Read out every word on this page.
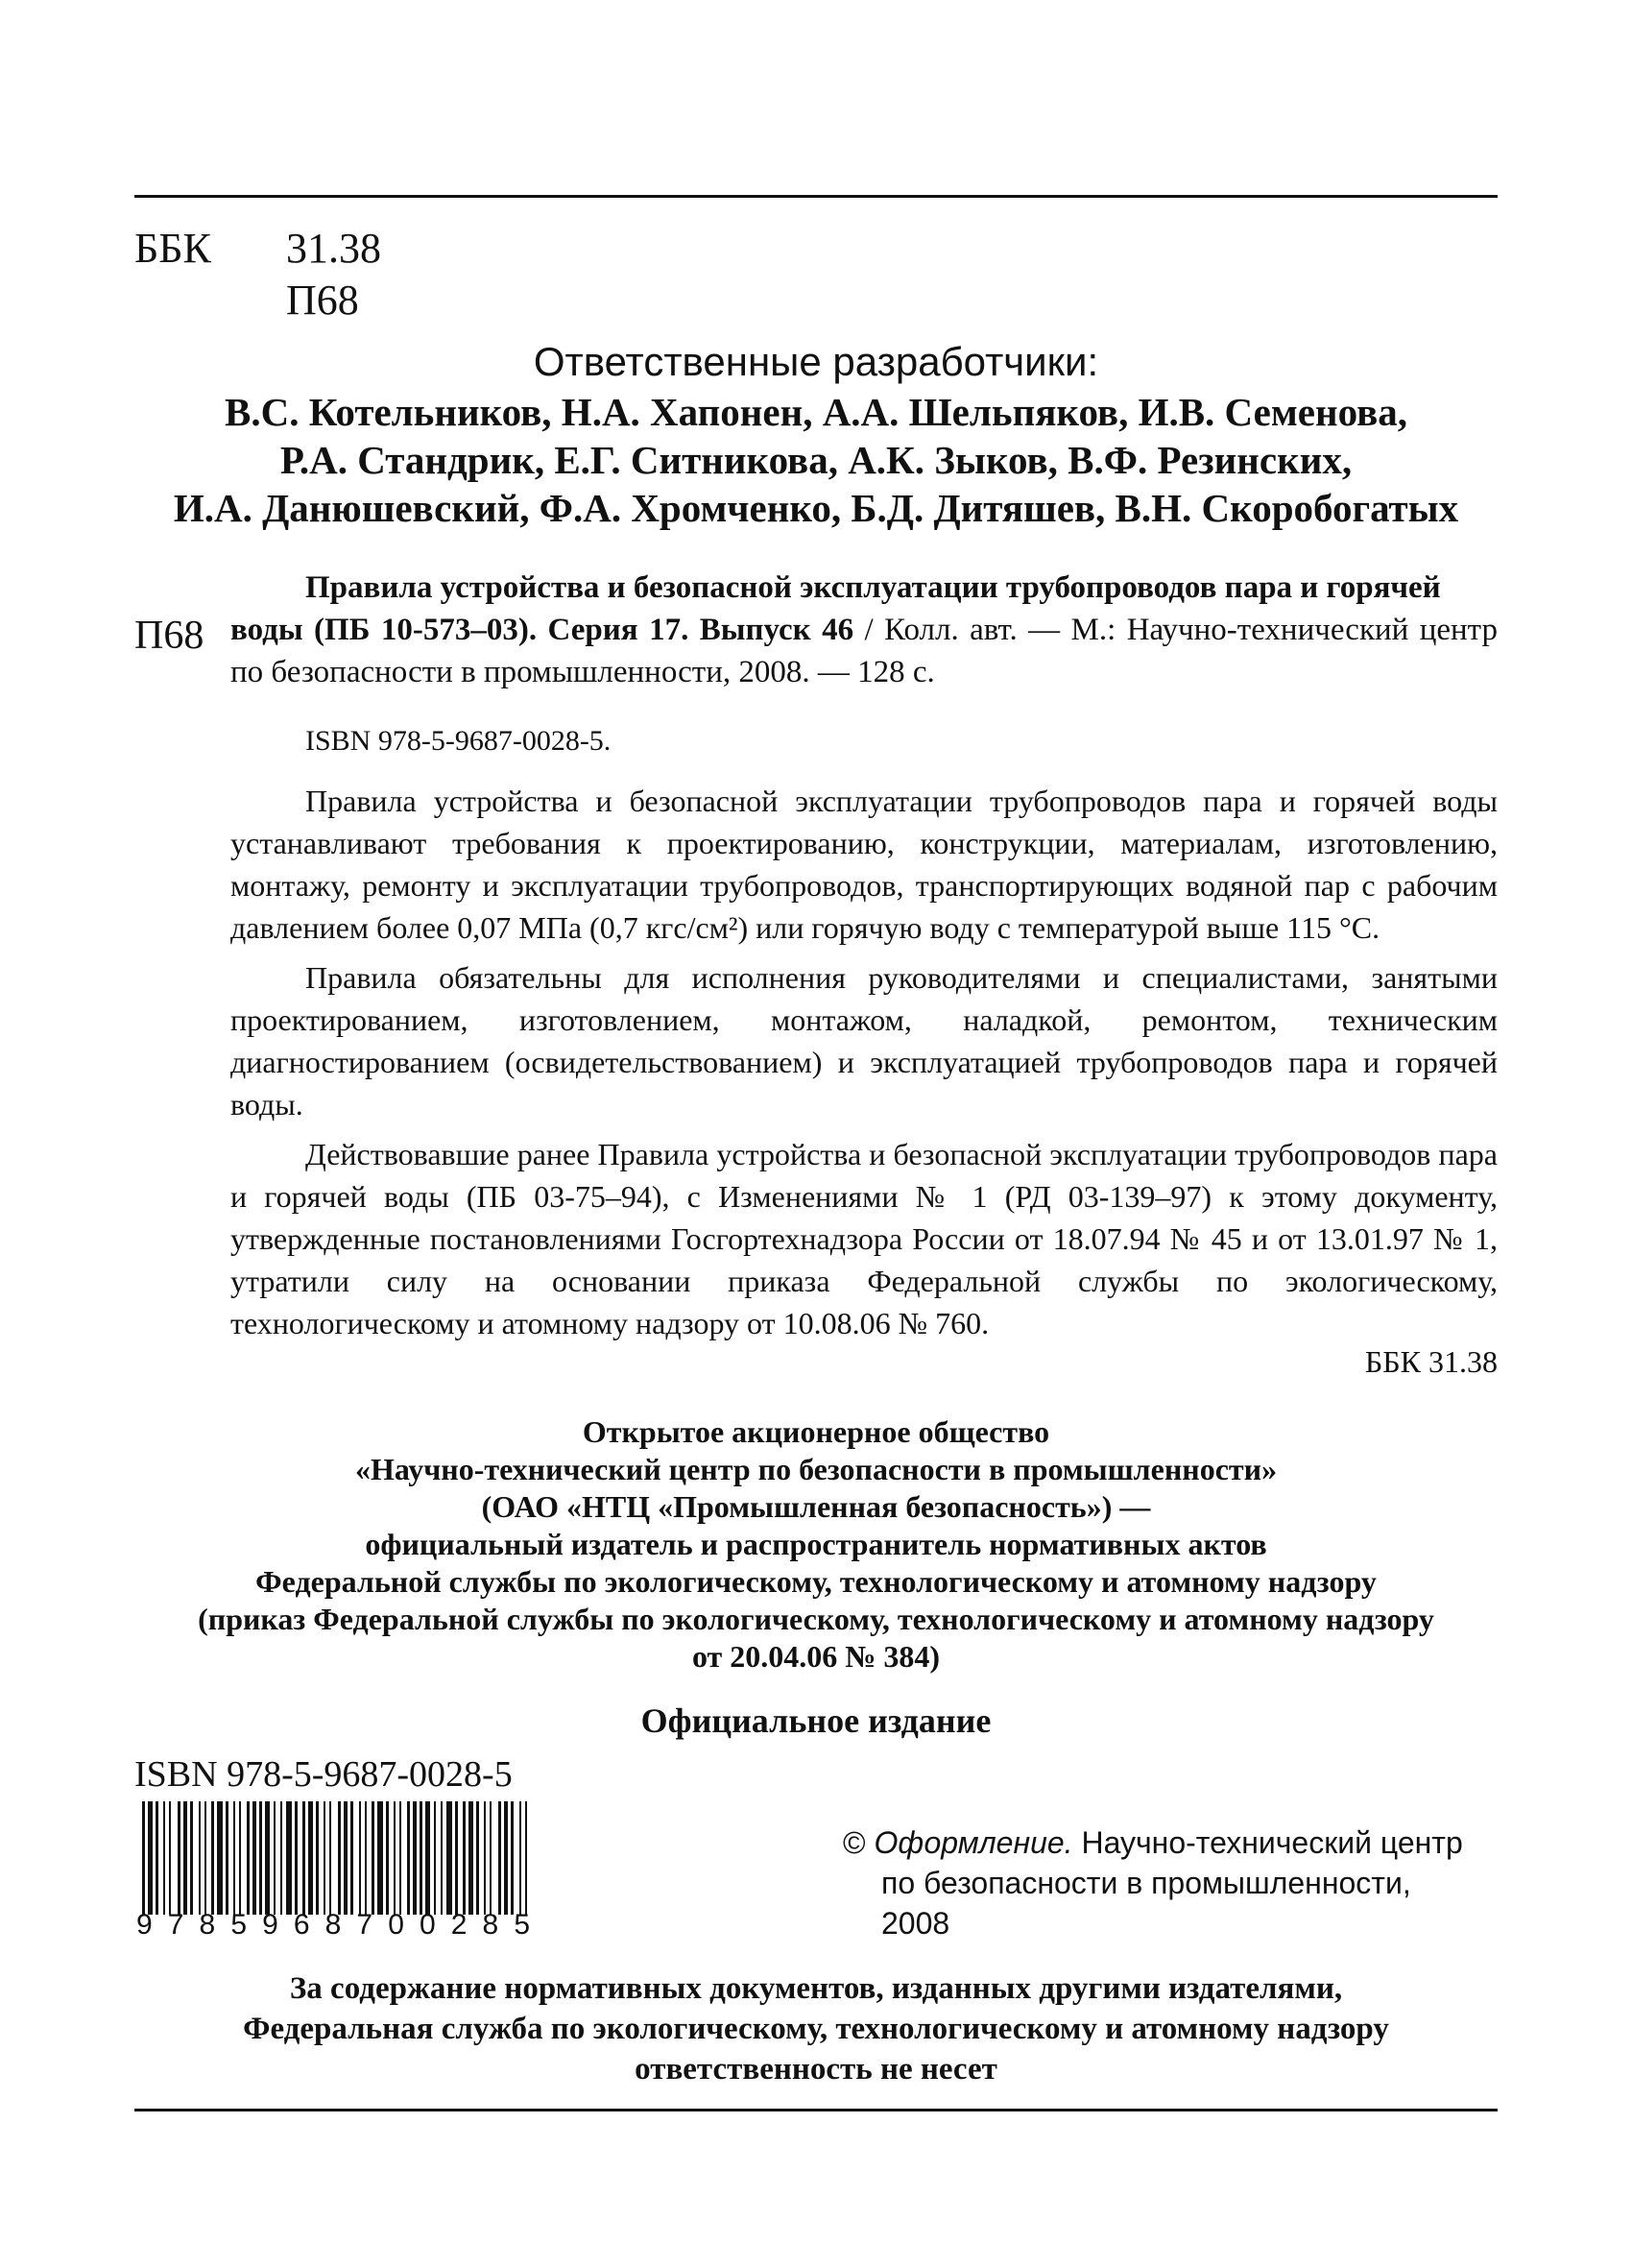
ББК	31.38
П68
Ответственные разработчики:
В.С. Котельников, Н.А. Хапонен, А.А. Шельпяков, И.В. Семенова,
Р.А. Стандрик, Е.Г. Ситникова, А.К. Зыков, В.Ф. Резинских,
И.А. Данюшевский, Ф.А. Хромченко, Б.Д. Дитяшев, В.Н. Скоробогатых
П68
Правила устройства и безопасной эксплуатации трубопроводов пара и горячей
воды (ПБ 10-573–03). Серия 17. Выпуск 46 / Колл. авт. — М.: Научно-технический центр по безопасности в промышленности, 2008. — 128 с.
ISBN 978-5-9687-0028-5.

Правила устройства и безопасной эксплуатации трубопроводов пара и горячей воды устанавливают требования к проектированию, конструкции, материалам, изготовлению, монтажу, ремонту и эксплуатации трубопроводов, транспортирующих водяной пар с рабочим давлением более 0,07 МПа (0,7 кгс/см²) или горячую воду с температурой выше 115 °С.

Правила обязательны для исполнения руководителями и специалистами, занятыми проектированием, изготовлением, монтажом, наладкой, ремонтом, техническим диагностированием (освидетельствованием) и эксплуатацией трубопроводов пара и горячей воды.

Действовавшие ранее Правила устройства и безопасной эксплуатации трубопроводов пара и горячей воды (ПБ 03-75–94), с Изменениями № 1 (РД 03-139–97) к этому документу, утвержденные постановлениями Госгортехнадзора России от 18.07.94 № 45 и от 13.01.97 № 1, утратили силу на основании приказа Федеральной службы по экологическому, технологическому и атомному надзору от 10.08.06 № 760.

ББК 31.38
Открытое акционерное общество
«Научно-технический центр по безопасности в промышленности»
(ОАО «НТЦ «Промышленная безопасность») —
официальный издатель и распространитель нормативных актов
Федеральной службы по экологическому, технологическому и атомному надзору
(приказ Федеральной службы по экологическому, технологическому и атомному надзору
от 20.04.06 № 384)
Официальное издание
ISBN 978-5-9687-0028-5
9785968700285
© Оформление. Научно-технический центр
по безопасности в промышленности,
2008
За содержание нормативных документов, изданных другими издателями,
Федеральная служба по экологическому, технологическому и атомному надзору
ответственность не несет
